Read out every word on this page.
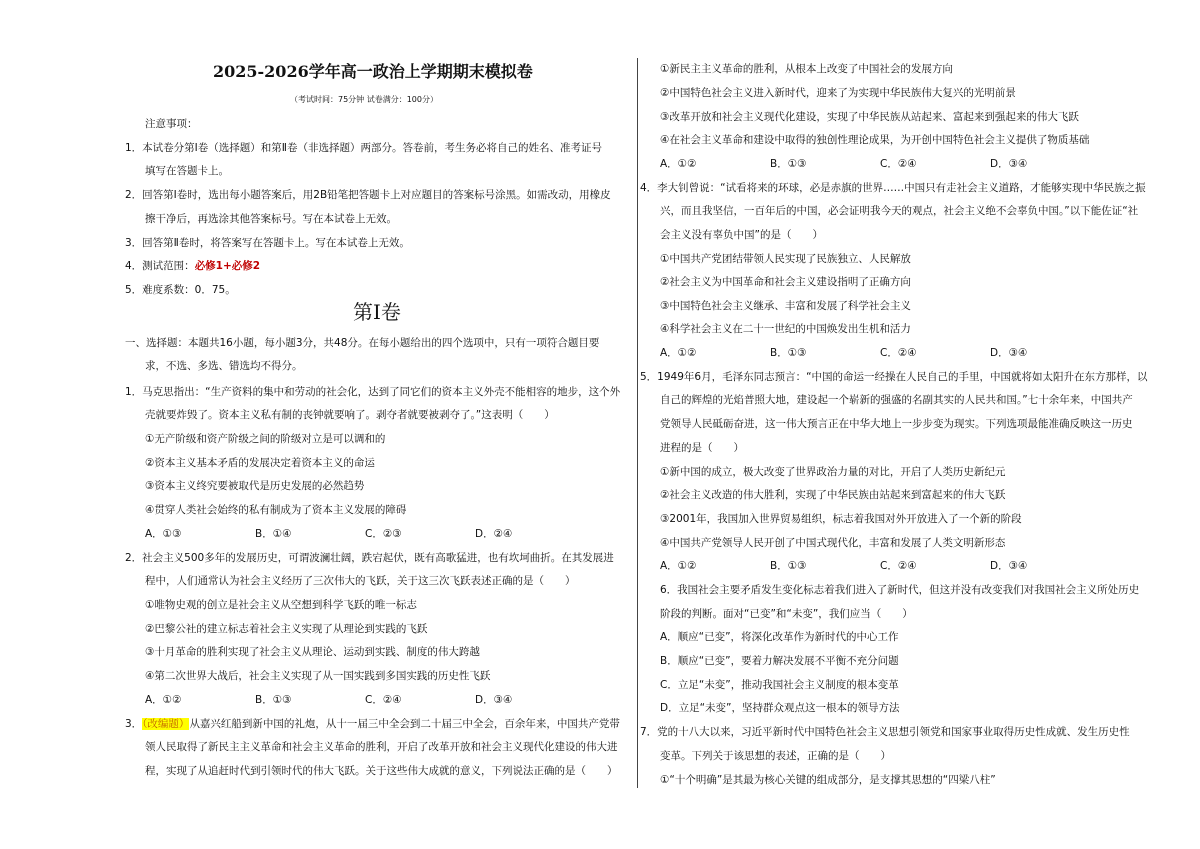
2025-2026学年高一政治上学期期末模拟卷
（考试时间：75分钟 试卷满分：100分）
注意事项：
1．本试卷分第Ⅰ卷（选择题）和第Ⅱ卷（非选择题）两部分。答卷前，考生务必将自己的姓名、准考证号
填写在答题卡上。
2．回答第Ⅰ卷时，选出每小题答案后，用2B铅笔把答题卡上对应题目的答案标号涂黑。如需改动，用橡皮
擦干净后，再选涂其他答案标号。写在本试卷上无效。
3．回答第Ⅱ卷时，将答案写在答题卡上。写在本试卷上无效。
4．测试范围：必修1+必修2
5．难度系数：0．75。
第Ⅰ卷
一、选择题：本题共16小题，每小题3分，共48分。在每小题给出的四个选项中，只有一项符合题目要
求，不选、多选、错选均不得分。
1．马克思指出：“生产资料的集中和劳动的社会化，达到了同它们的资本主义外壳不能相容的地步，这个外
壳就要炸毁了。资本主义私有制的丧钟就要响了。剥夺者就要被剥夺了。”这表明（　　）
①无产阶级和资产阶级之间的阶级对立是可以调和的
②资本主义基本矛盾的发展决定着资本主义的命运
③资本主义终究要被取代是历史发展的必然趋势
④贯穿人类社会始终的私有制成为了资本主义发展的障碍
A．①③	B．①④	C．②③	D．②④
2．社会主义500多年的发展历史，可谓波澜壮阔，跌宕起伏，既有高歌猛进，也有坎坷曲折。在其发展进
程中，人们通常认为社会主义经历了三次伟大的飞跃，关于这三次飞跃表述正确的是（　　）
①唯物史观的创立是社会主义从空想到科学飞跃的唯一标志
②巴黎公社的建立标志着社会主义实现了从理论到实践的飞跃
③十月革命的胜利实现了社会主义从理论、运动到实践、制度的伟大跨越
④第二次世界大战后，社会主义实现了从一国实践到多国实践的历史性飞跃
A．①②	B．①③	C．②④	D．③④
3．（改编题）从嘉兴红船到新中国的礼炮，从十一届三中全会到二十届三中全会，百余年来，中国共产党带
领人民取得了新民主主义革命和社会主义革命的胜利，开启了改革开放和社会主义现代化建设的伟大进
程，实现了从追赶时代到引领时代的伟大飞跃。关于这些伟大成就的意义，下列说法正确的是（　　）
①新民主主义革命的胜利，从根本上改变了中国社会的发展方向
②中国特色社会主义进入新时代，迎来了为实现中华民族伟大复兴的光明前景
③改革开放和社会主义现代化建设，实现了中华民族从站起来、富起来到强起来的伟大飞跃
④在社会主义革命和建设中取得的独创性理论成果，为开创中国特色社会主义提供了物质基础
A．①②	B．①③	C．②④	D．③④
4．李大钊曾说：“试看将来的环球，必是赤旗的世界……中国只有走社会主义道路，才能够实现中华民族之振
兴，而且我坚信，一百年后的中国，必会证明我今天的观点，社会主义绝不会辜负中国。”以下能佐证“社
会主义没有辜负中国”的是（　　）
①中国共产党团结带领人民实现了民族独立、人民解放
②社会主义为中国革命和社会主义建设指明了正确方向
③中国特色社会主义继承、丰富和发展了科学社会主义
④科学社会主义在二十一世纪的中国焕发出生机和活力
A．①②	B．①③	C．②④	D．③④
5．1949年6月，毛泽东同志预言：“中国的命运一经操在人民自己的手里，中国就将如太阳升在东方那样，以
自己的辉煌的光焰普照大地，建设起一个崭新的强盛的名副其实的人民共和国。”七十余年来，中国共产
党领导人民砥砺奋进，这一伟大预言正在中华大地上一步步变为现实。下列选项最能准确反映这一历史
进程的是（　　）
①新中国的成立，极大改变了世界政治力量的对比，开启了人类历史新纪元
②社会主义改造的伟大胜利，实现了中华民族由站起来到富起来的伟大飞跃
③2001年，我国加入世界贸易组织，标志着我国对外开放进入了一个新的阶段
④中国共产党领导人民开创了中国式现代化，丰富和发展了人类文明新形态
A．①②	B．①③	C．②④	D．③④
6．我国社会主要矛盾发生变化标志着我们进入了新时代，但这并没有改变我们对我国社会主义所处历史
阶段的判断。面对“已变”和“未变”，我们应当（　　）
A．顺应“已变”，将深化改革作为新时代的中心工作
B．顺应“已变”，要着力解决发展不平衡不充分问题
C．立足“未变”，推动我国社会主义制度的根本变革
D．立足“未变”，坚持群众观点这一根本的领导方法
7．党的十八大以来，习近平新时代中国特色社会主义思想引领党和国家事业取得历史性成就、发生历史性
变革。下列关于该思想的表述，正确的是（　　）
①“十个明确”是其最为核心关键的组成部分，是支撑其思想的“四梁八柱”
